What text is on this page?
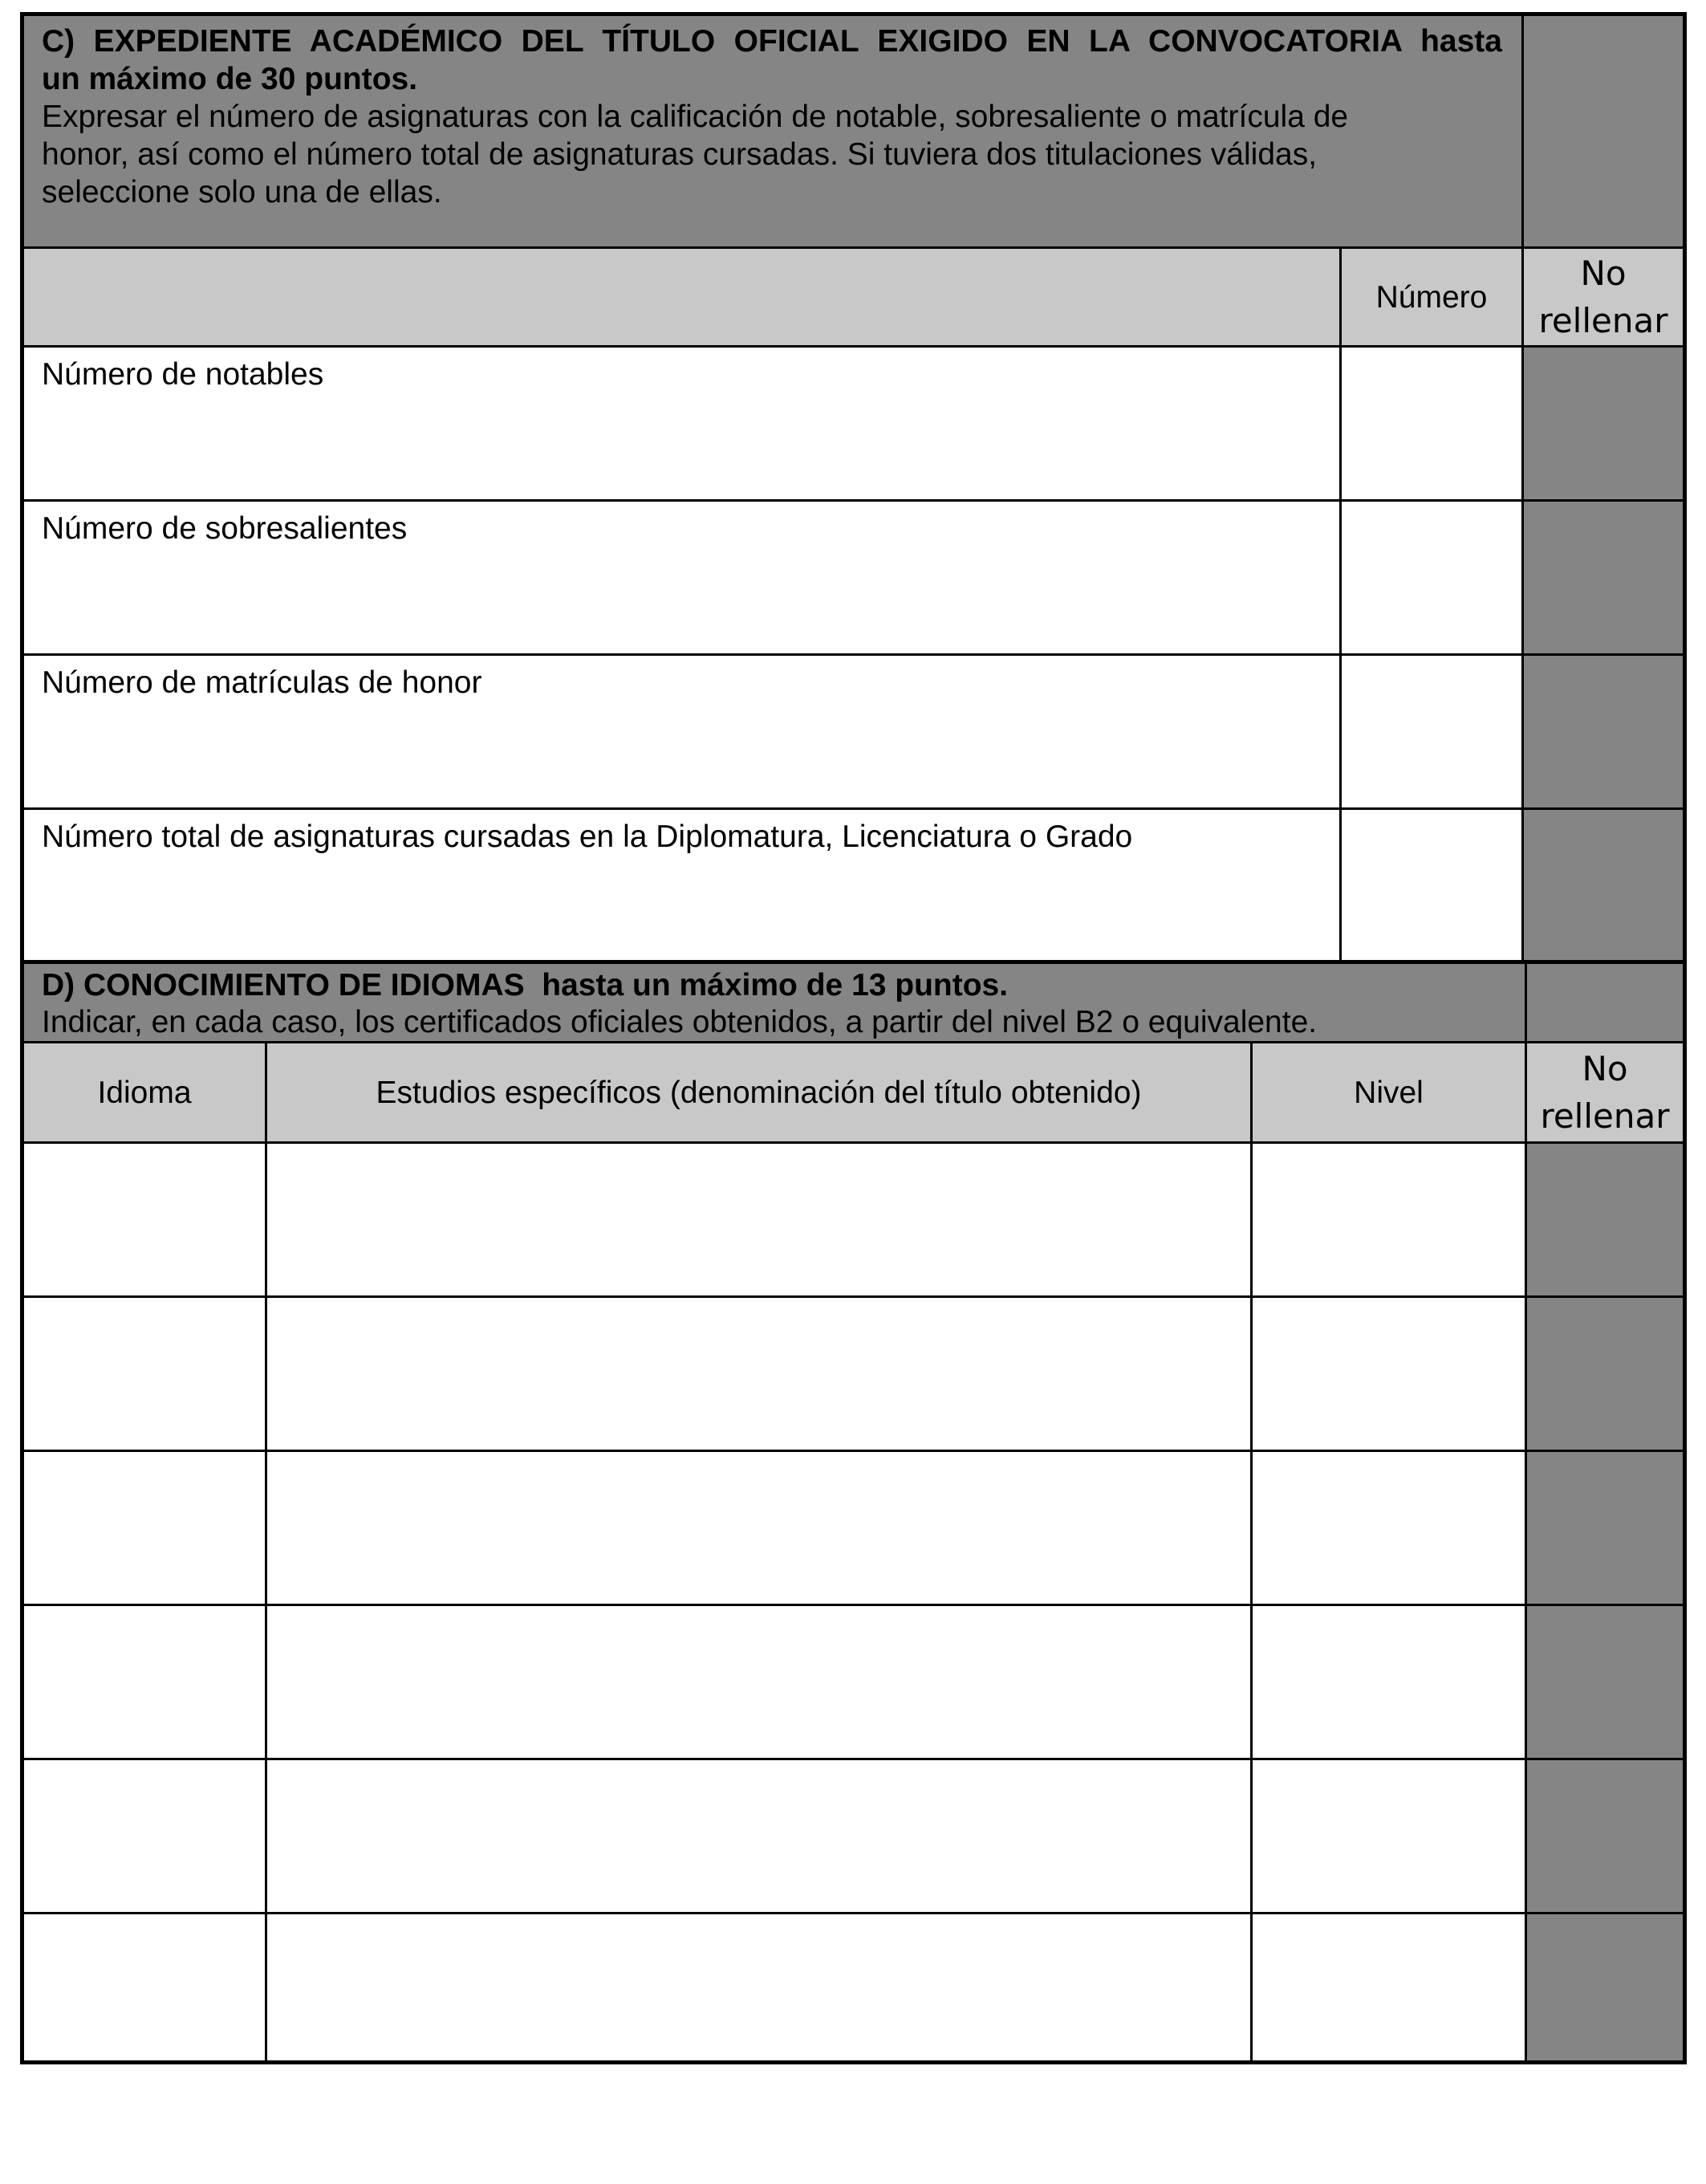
C) EXPEDIENTE ACADÉMICO DEL TÍTULO OFICIAL EXIGIDO EN LA CONVOCATORIA hasta
un máximo de 30 puntos.
Expresar el número de asignaturas con la calificación de notable, sobresaliente o matrícula de
honor, así como el número total de asignaturas cursadas. Si tuviera dos titulaciones válidas,
seleccione solo una de ellas.
Número
No
rellenar
Número de notables
Número de sobresalientes
Número de matrículas de honor
Número total de asignaturas cursadas en la Diplomatura, Licenciatura o Grado
D) CONOCIMIENTO DE IDIOMAS  hasta un máximo de 13 puntos.
Indicar, en cada caso, los certificados oficiales obtenidos, a partir del nivel B2 o equivalente.
Idioma	Estudios específicos (denominación del título obtenido)	Nivel
No
rellenar
